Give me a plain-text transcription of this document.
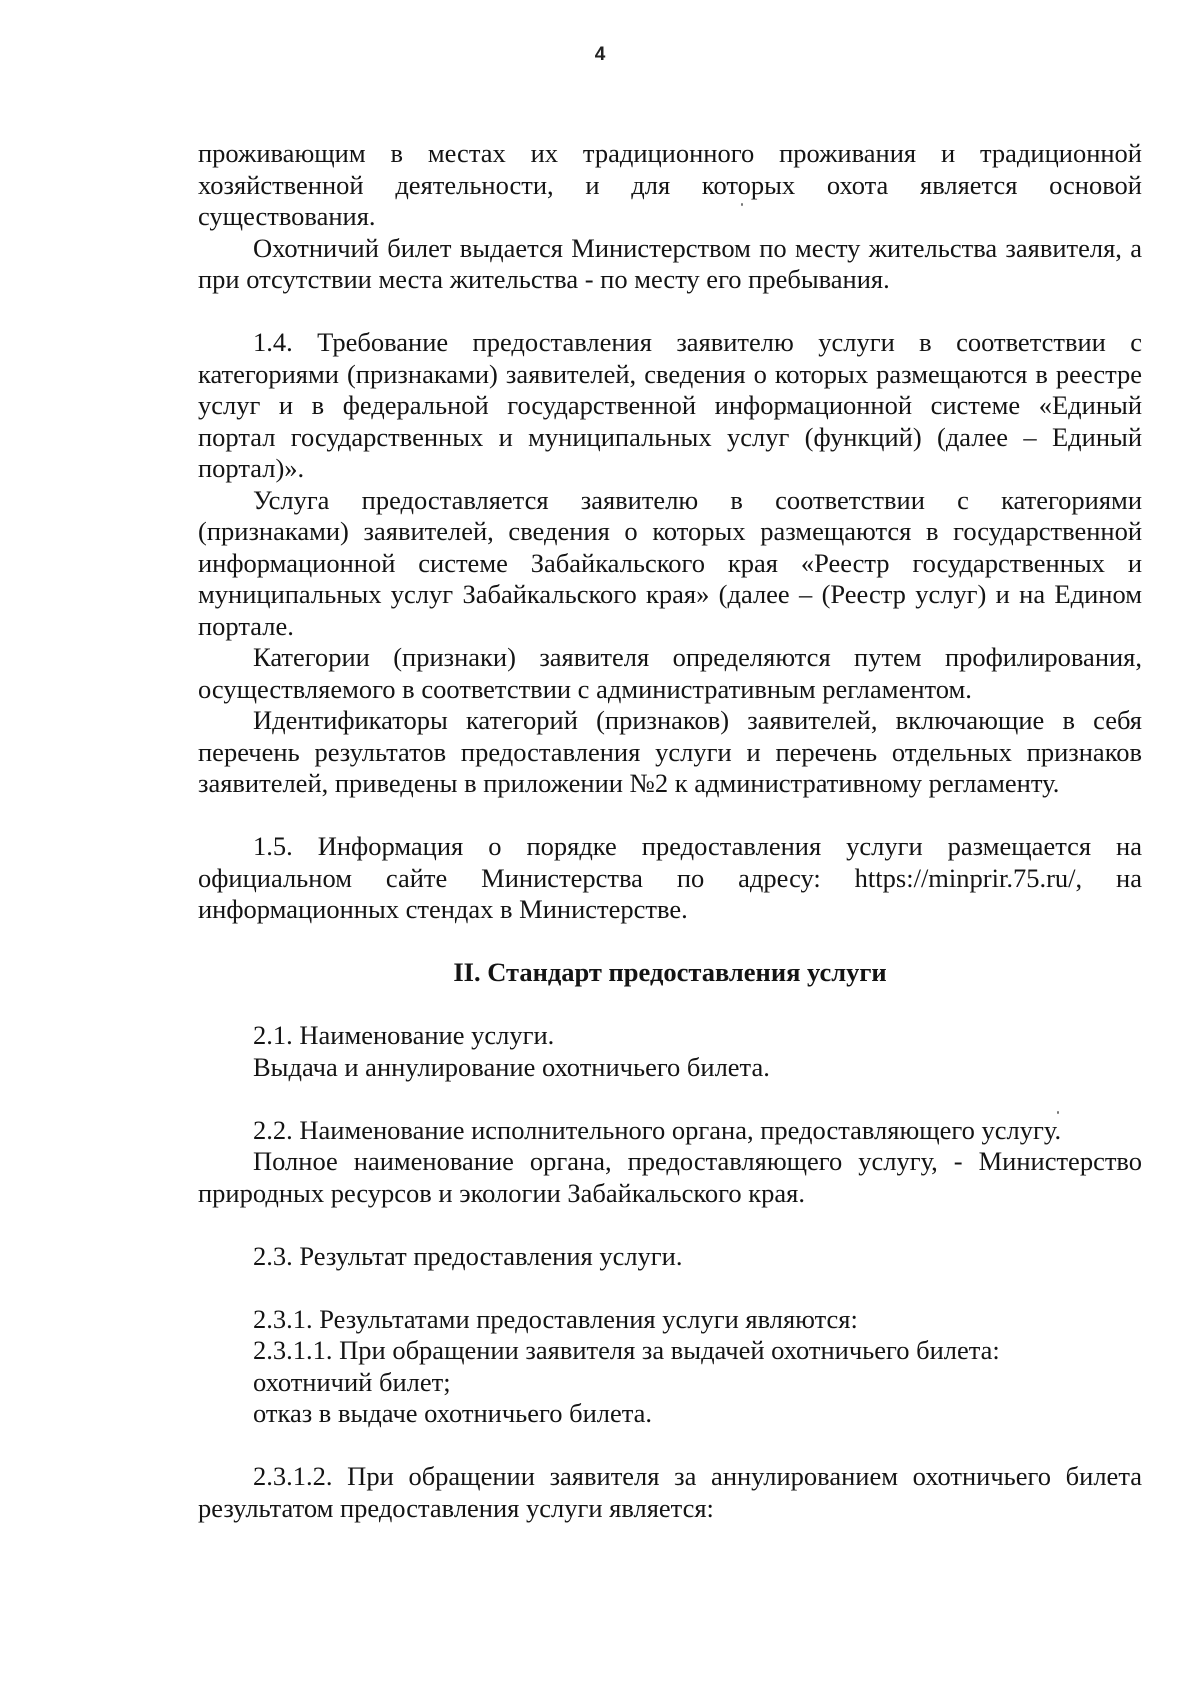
4

проживающим в местах их традиционного проживания и традиционной хозяйственной деятельности, и для которых охота является основой существования.

Охотничий билет выдается Министерством по месту жительства заявителя, а при отсутствии места жительства - по месту его пребывания.

1.4. Требование предоставления заявителю услуги в соответствии с категориями (признаками) заявителей, сведения о которых размещаются в реестре услуг и в федеральной государственной информационной системе «Единый портал государственных и муниципальных услуг (функций) (далее – Единый портал)».

Услуга предоставляется заявителю в соответствии с категориями (признаками) заявителей, сведения о которых размещаются в государственной информационной системе Забайкальского края «Реестр государственных и муниципальных услуг Забайкальского края» (далее – (Реестр услуг) и на Едином портале.

Категории (признаки) заявителя определяются путем профилирования, осуществляемого в соответствии с административным регламентом.

Идентификаторы категорий (признаков) заявителей, включающие в себя перечень результатов предоставления услуги и перечень отдельных признаков заявителей, приведены в приложении №2 к административному регламенту.

1.5. Информация о порядке предоставления услуги размещается на официальном сайте Министерства по адресу: https://minprir.75.ru/, на информационных стендах в Министерстве.

II. Стандарт предоставления услуги

2.1. Наименование услуги.

Выдача и аннулирование охотничьего билета.

2.2. Наименование исполнительного органа, предоставляющего услугу.

Полное наименование органа, предоставляющего услугу, - Министерство природных ресурсов и экологии Забайкальского края.

2.3. Результат предоставления услуги.

2.3.1. Результатами предоставления услуги являются:

2.3.1.1. При обращении заявителя за выдачей охотничьего билета:

охотничий билет;

отказ в выдаче охотничьего билета.

2.3.1.2. При обращении заявителя за аннулированием охотничьего билета результатом предоставления услуги является:
